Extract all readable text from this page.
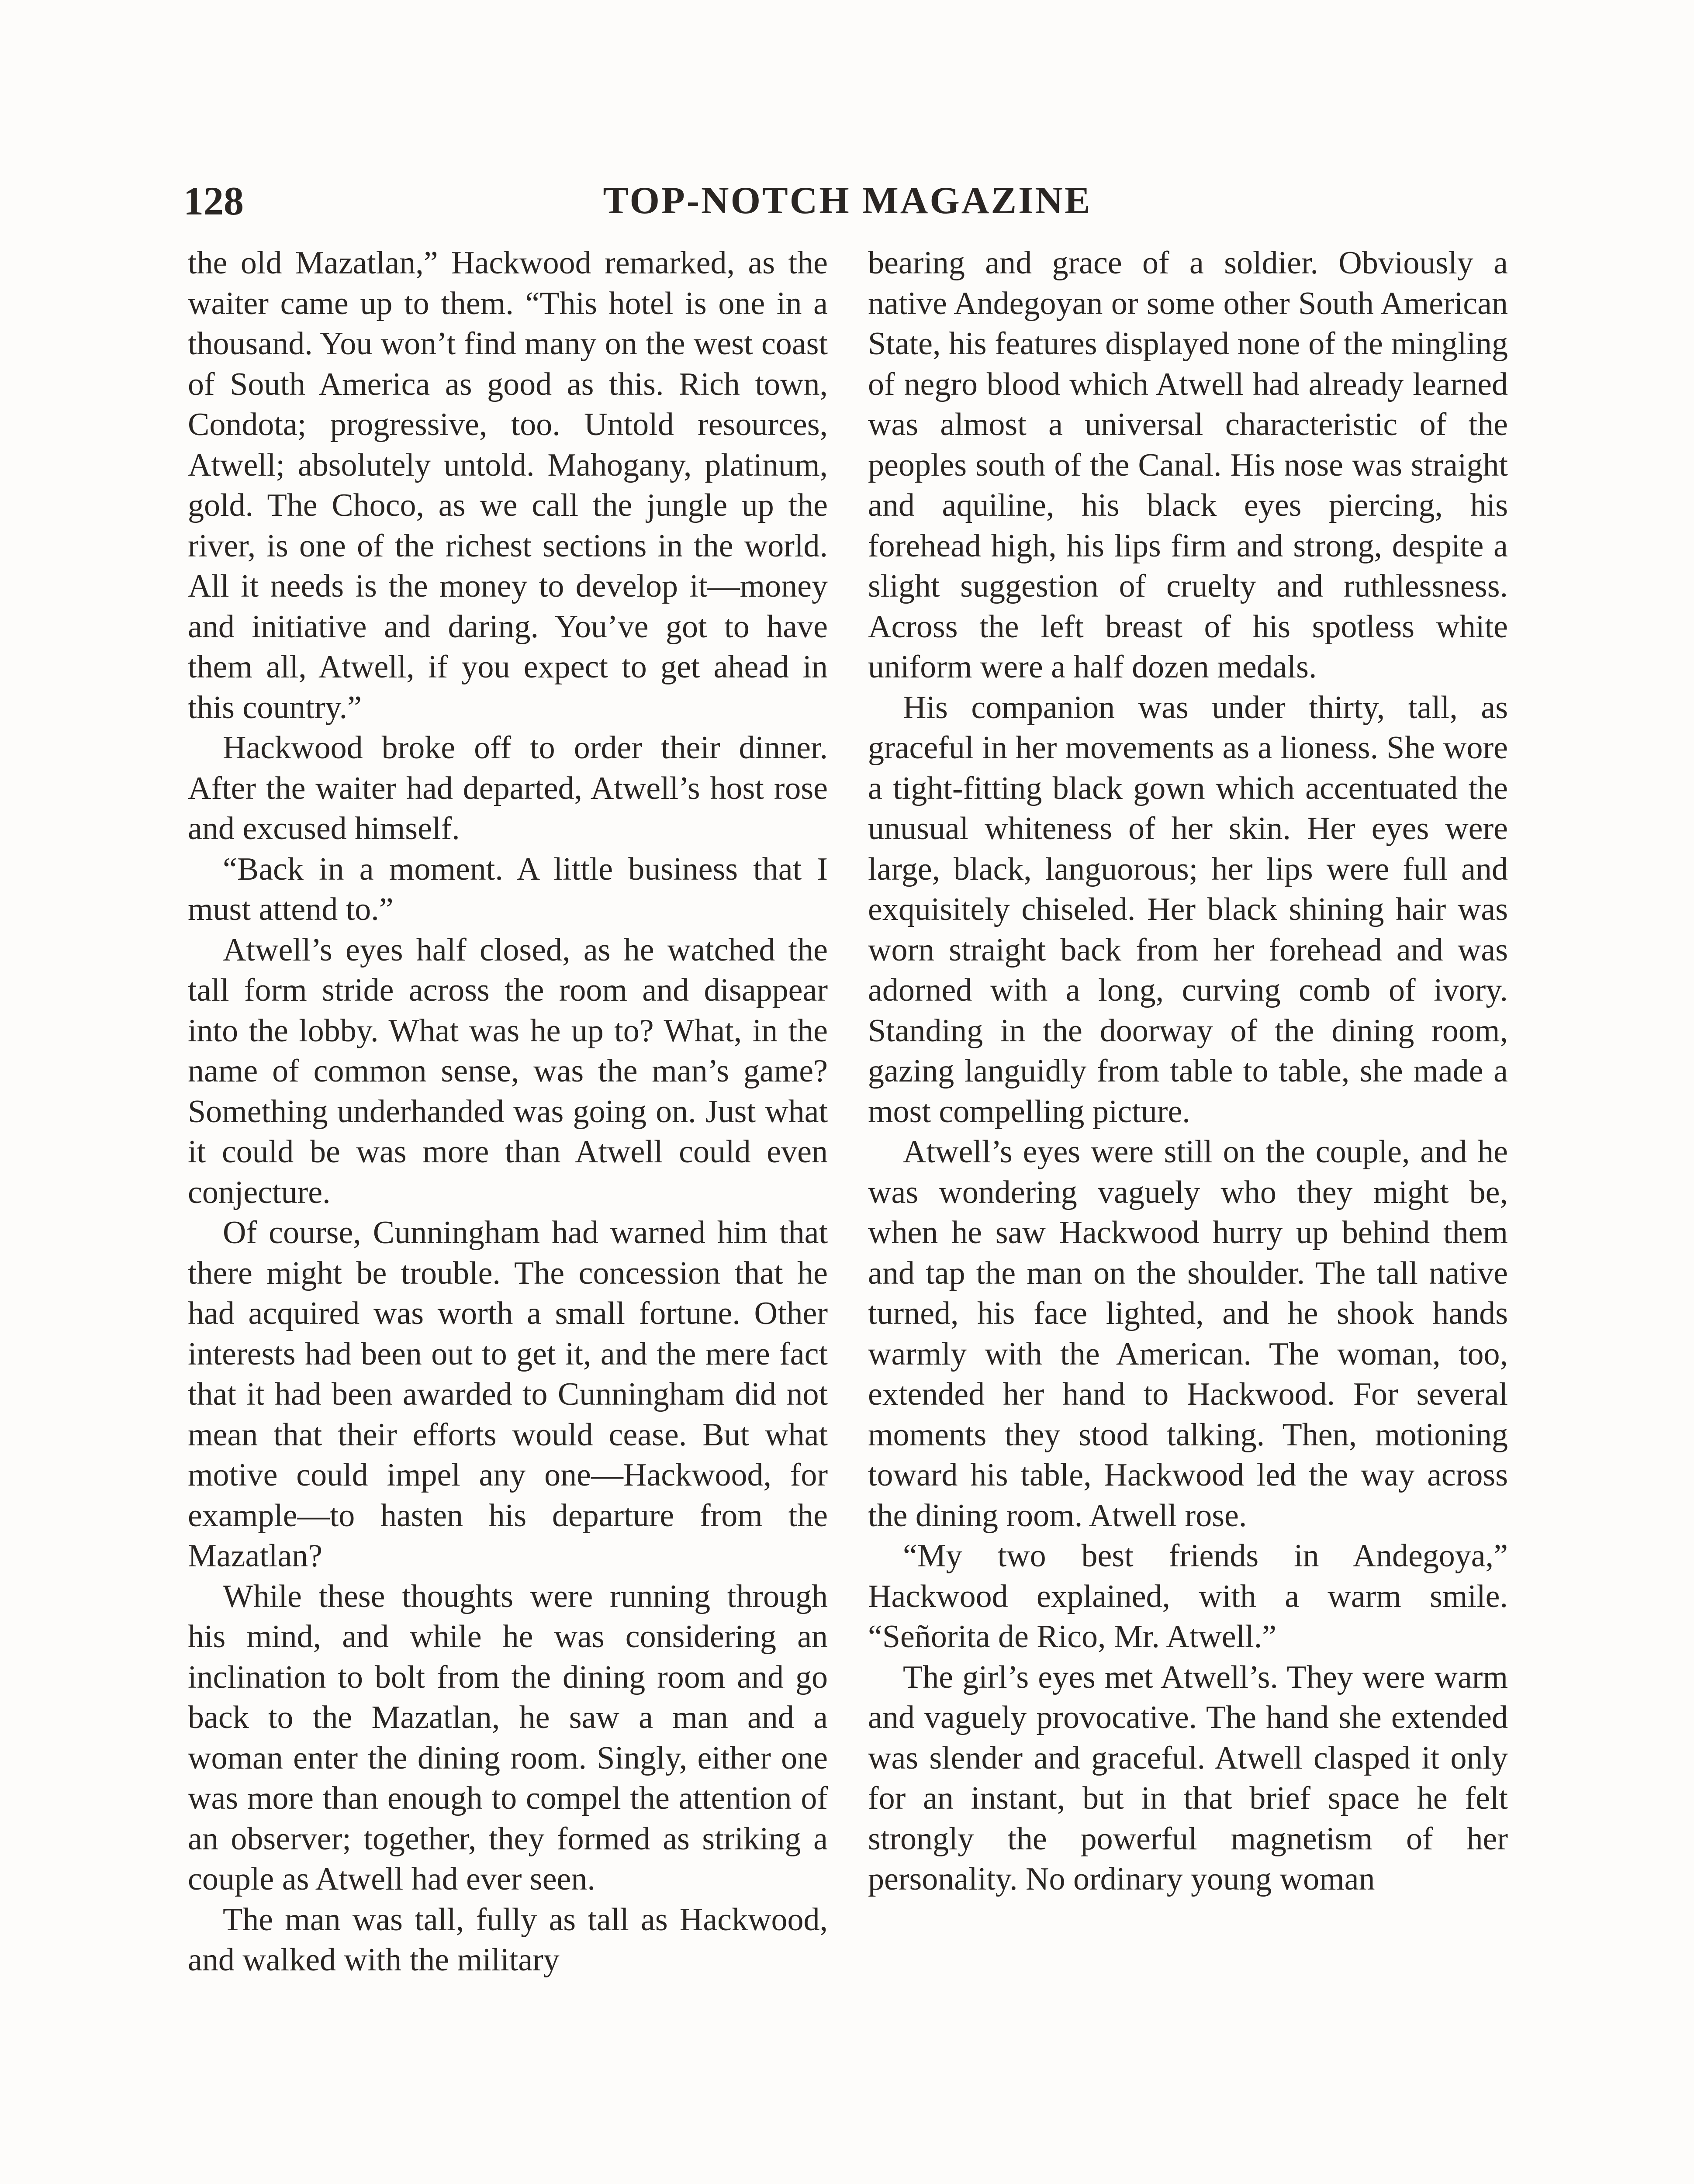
128	TOP-NOTCH MAGAZINE

the old Mazatlan,” Hackwood remarked, as the waiter came up to them. “This hotel is one in a thousand. You won’t find many on the west coast of South America as good as this. Rich town, Condota; progressive, too. Untold resources, Atwell; absolutely untold. Mahogany, platinum, gold. The Choco, as we call the jungle up the river, is one of the richest sections in the world. All it needs is the money to develop it—money and initiative and daring. You’ve got to have them all, Atwell, if you expect to get ahead in this country.”

Hackwood broke off to order their dinner. After the waiter had departed, Atwell’s host rose and excused himself.

“Back in a moment. A little business that I must attend to.”

Atwell’s eyes half closed, as he watched the tall form stride across the room and disappear into the lobby. What was he up to? What, in the name of common sense, was the man’s game? Something underhanded was going on. Just what it could be was more than Atwell could even conjecture.

Of course, Cunningham had warned him that there might be trouble. The concession that he had acquired was worth a small fortune. Other interests had been out to get it, and the mere fact that it had been awarded to Cunningham did not mean that their efforts would cease. But what motive could impel any one—Hackwood, for example—to hasten his departure from the Mazatlan?

While these thoughts were running through his mind, and while he was considering an inclination to bolt from the dining room and go back to the Mazatlan, he saw a man and a woman enter the dining room. Singly, either one was more than enough to compel the attention of an observer; together, they formed as striking a couple as Atwell had ever seen.

The man was tall, fully as tall as Hackwood, and walked with the military

bearing and grace of a soldier. Obviously a native Andegoyan or some other South American State, his features displayed none of the mingling of negro blood which Atwell had already learned was almost a universal characteristic of the peoples south of the Canal. His nose was straight and aquiline, his black eyes piercing, his forehead high, his lips firm and strong, despite a slight suggestion of cruelty and ruthlessness. Across the left breast of his spotless white uniform were a half dozen medals.

His companion was under thirty, tall, as graceful in her movements as a lioness. She wore a tight-fitting black gown which accentuated the unusual whiteness of her skin. Her eyes were large, black, languorous; her lips were full and exquisitely chiseled. Her black shining hair was worn straight back from her forehead and was adorned with a long, curving comb of ivory. Standing in the doorway of the dining room, gazing languidly from table to table, she made a most compelling picture.

Atwell’s eyes were still on the couple, and he was wondering vaguely who they might be, when he saw Hackwood hurry up behind them and tap the man on the shoulder. The tall native turned, his face lighted, and he shook hands warmly with the American. The woman, too, extended her hand to Hackwood. For several moments they stood talking. Then, motioning toward his table, Hackwood led the way across the dining room. Atwell rose.

“My two best friends in Andegoya,” Hackwood explained, with a warm smile. “Señorita de Rico, Mr. Atwell.”

The girl’s eyes met Atwell’s. They were warm and vaguely provocative. The hand she extended was slender and graceful. Atwell clasped it only for an instant, but in that brief space he felt strongly the powerful magnetism of her personality. No ordinary young woman
